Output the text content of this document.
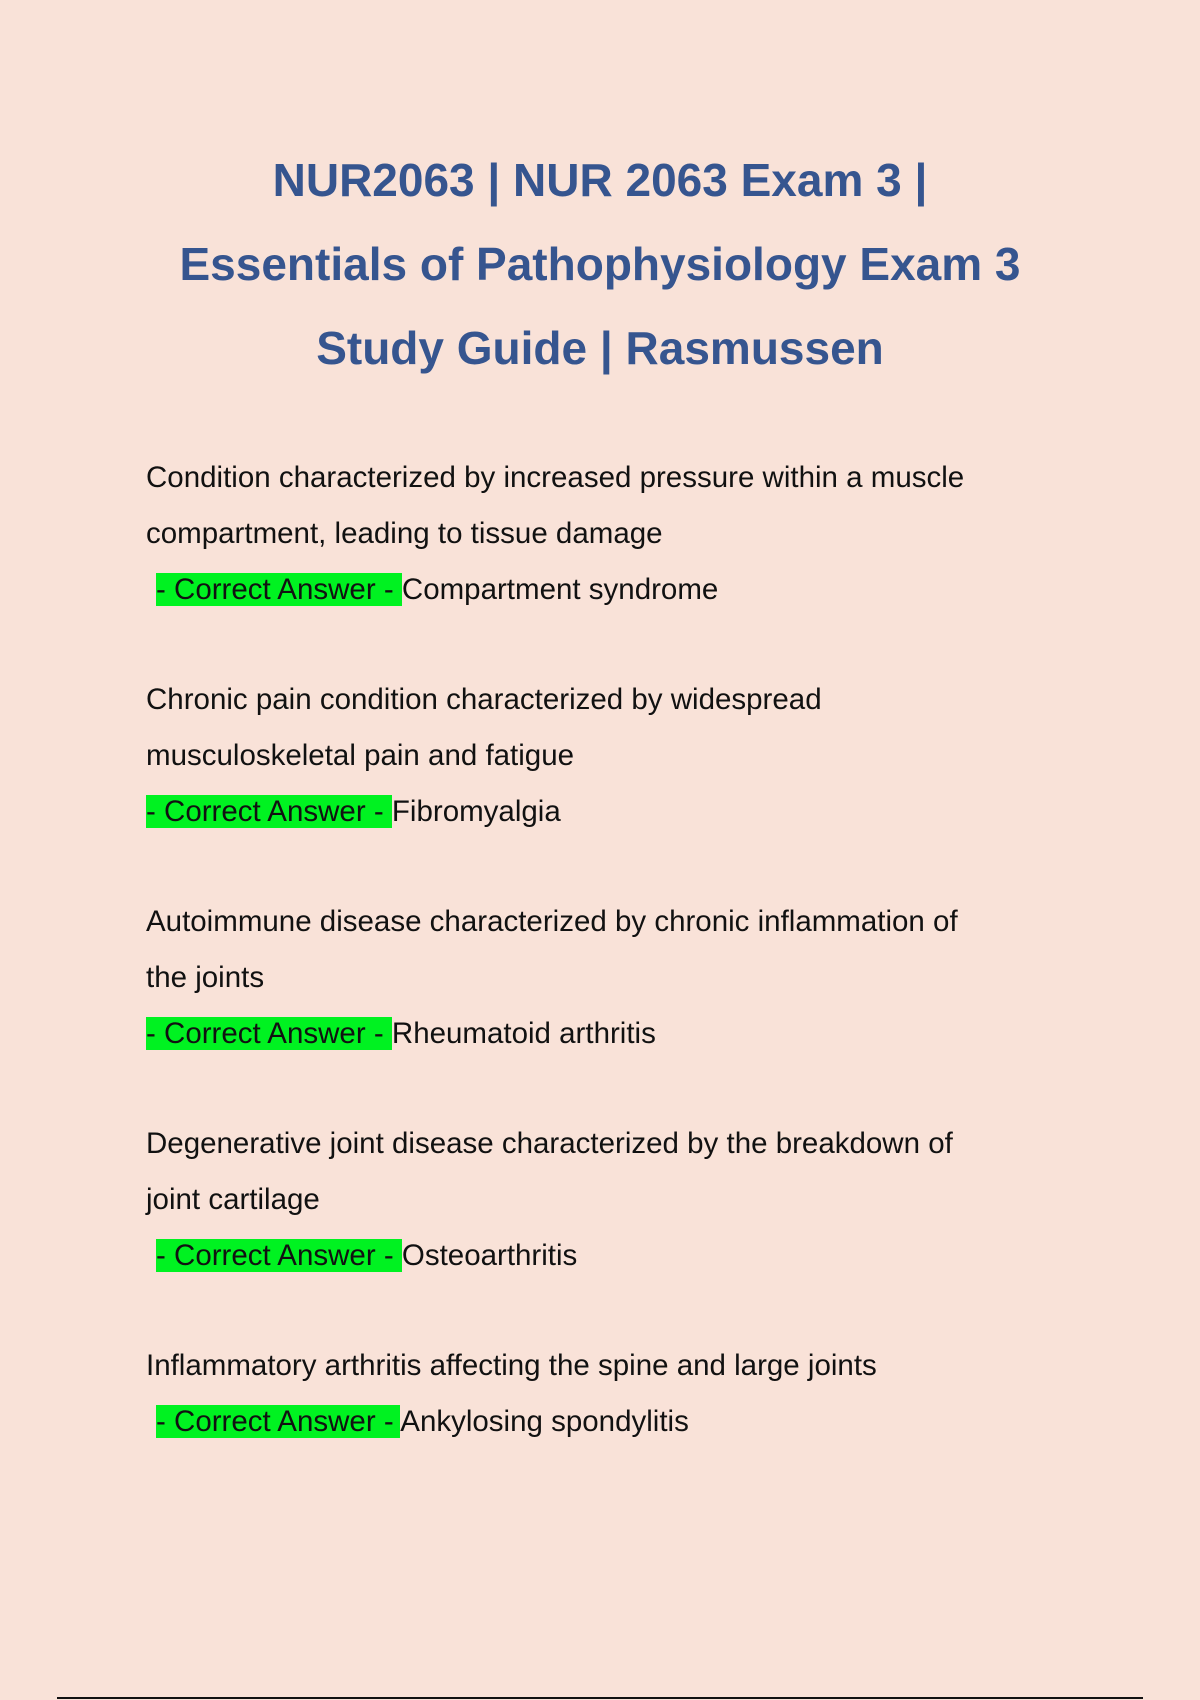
NUR2063 | NUR 2063 Exam 3 |
Essentials of Pathophysiology Exam 3
Study Guide | Rasmussen
Condition characterized by increased pressure within a muscle
compartment, leading to tissue damage
- Correct Answer - Compartment syndrome
Chronic pain condition characterized by widespread
musculoskeletal pain and fatigue
- Correct Answer - Fibromyalgia
Autoimmune disease characterized by chronic inflammation of
the joints
- Correct Answer - Rheumatoid arthritis
Degenerative joint disease characterized by the breakdown of
joint cartilage
- Correct Answer - Osteoarthritis
Inflammatory arthritis affecting the spine and large joints
- Correct Answer - Ankylosing spondylitis
